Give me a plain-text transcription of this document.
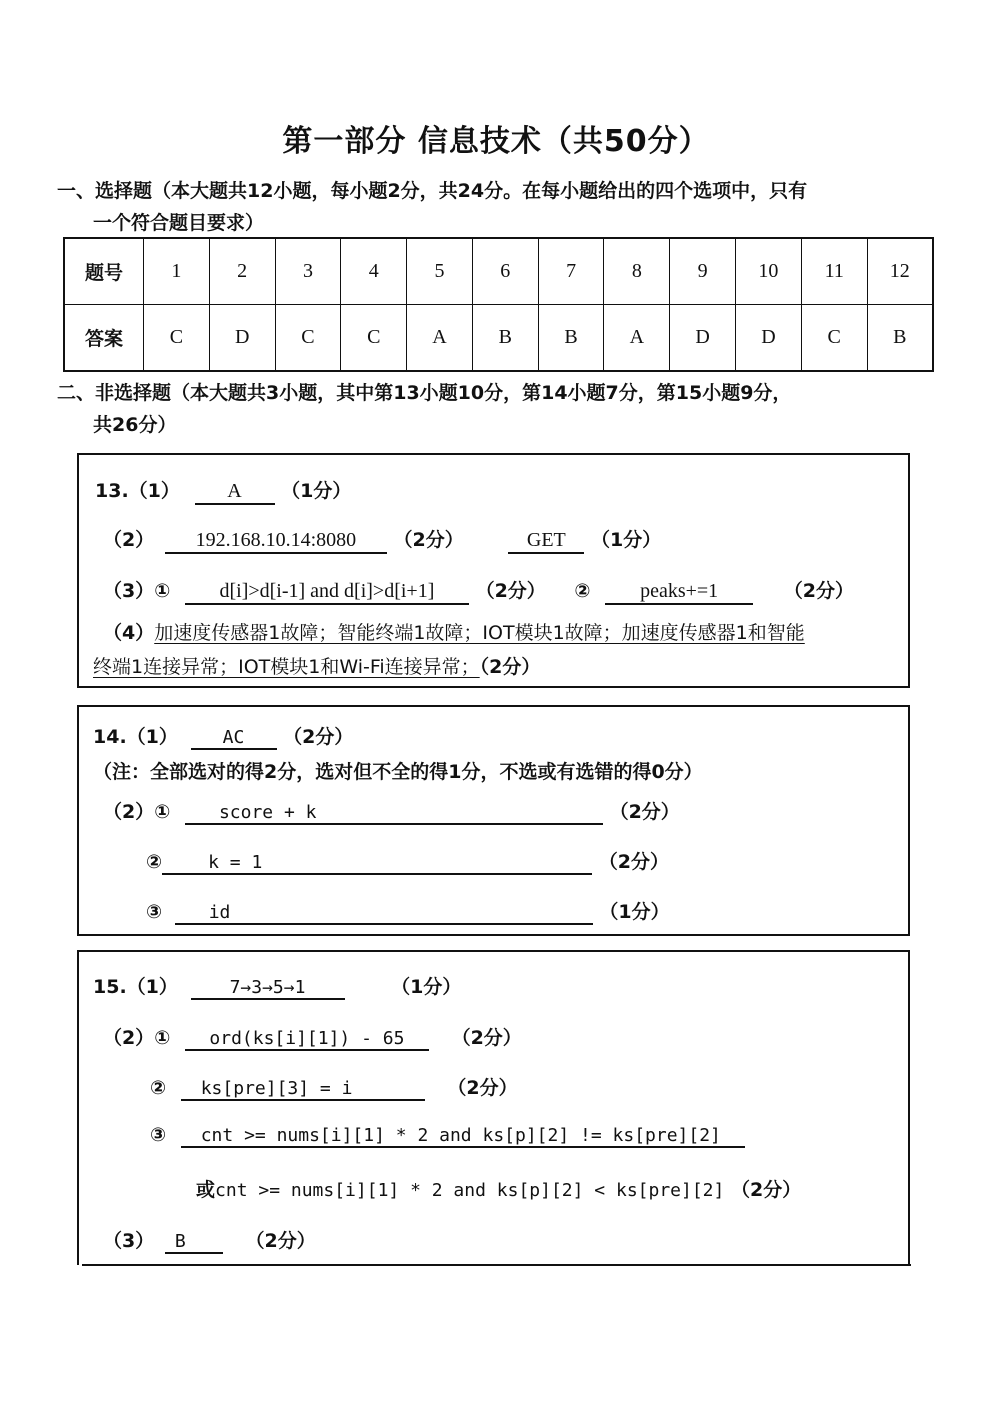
第一部分 信息技术（共50分）
一、选择题（本大题共12小题，每小题2分，共24分。在每小题给出的四个选项中，只有
一个符合题目要求）
题号	1	2	3	4	5	6	7	8	9	10	11	12
答案	C	D	C	C	A	B	B	A	D	D	C	B
二、非选择题（本大题共3小题，其中第13小题10分，第14小题7分，第15小题9分，
共26分）
13.（1） A （1分）
（2） 192.168.10.14:8080 （2分）	GET （1分）
（3）① d[i]>d[i-1] and d[i]>d[i+1] （2分） ② peaks+=1	（2分）
（4）加速度传感器1故障；智能终端1故障；IOT模块1故障；加速度传感器1和智能
终端1连接异常；IOT模块1和Wi-Fi连接异常；（2分）
14.（1） AC （2分）
（注：全部选对的得2分，选对但不全的得1分，不选或有选错的得0分）
（2）①	score + k	（2分）
②	k = 1	（2分）
③	id	（1分）
15.（1）	7→3→5→1	（1分）
（2）① ord(ks[i][1]) - 65 （2分）
② ks[pre][3] = i	（2分）
③ cnt >= nums[i][1] * 2 and ks[p][2] != ks[pre][2]
或cnt >= nums[i][1] * 2 and ks[p][2] < ks[pre][2] （2分）
（3） B	（2分）
